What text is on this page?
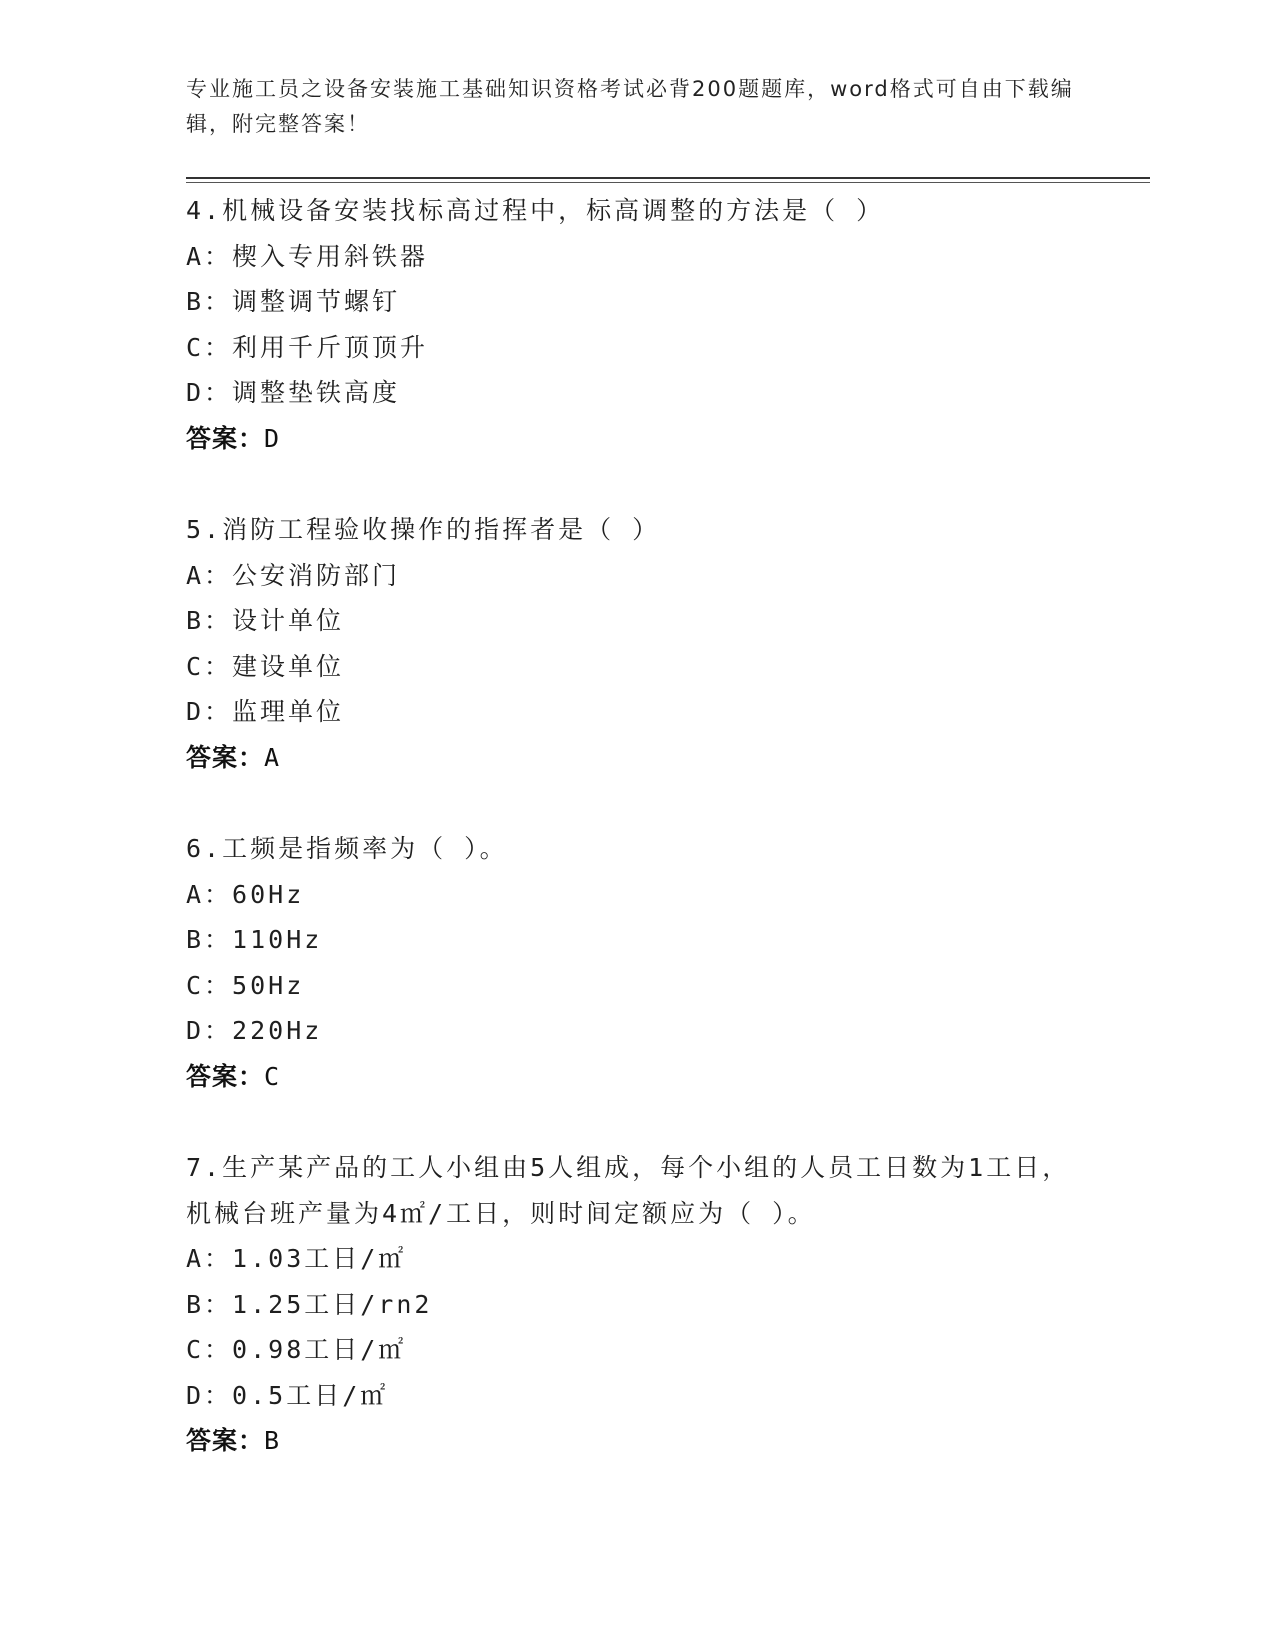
专业施工员之设备安装施工基础知识资格考试必背200题题库，word格式可自由下载编辑，附完整答案！
4.机械设备安装找标高过程中，标高调整的方法是（ ）
A：楔入专用斜铁器
B：调整调节螺钉
C：利用千斤顶顶升
D：调整垫铁高度
答案：D
5.消防工程验收操作的指挥者是（ ）
A：公安消防部门
B：设计单位
C：建设单位
D：监理单位
答案：A
6.工频是指频率为（ ）。
A：60Hz
B：110Hz
C：50Hz
D：220Hz
答案：C
7.生产某产品的工人小组由5人组成，每个小组的人员工日数为1工日，机械台班产量为4㎡/工日，则时间定额应为（ ）。
A：1.03工日/㎡
B：1.25工日/rn2
C：0.98工日/㎡
D：0.5工日/㎡
答案：B
